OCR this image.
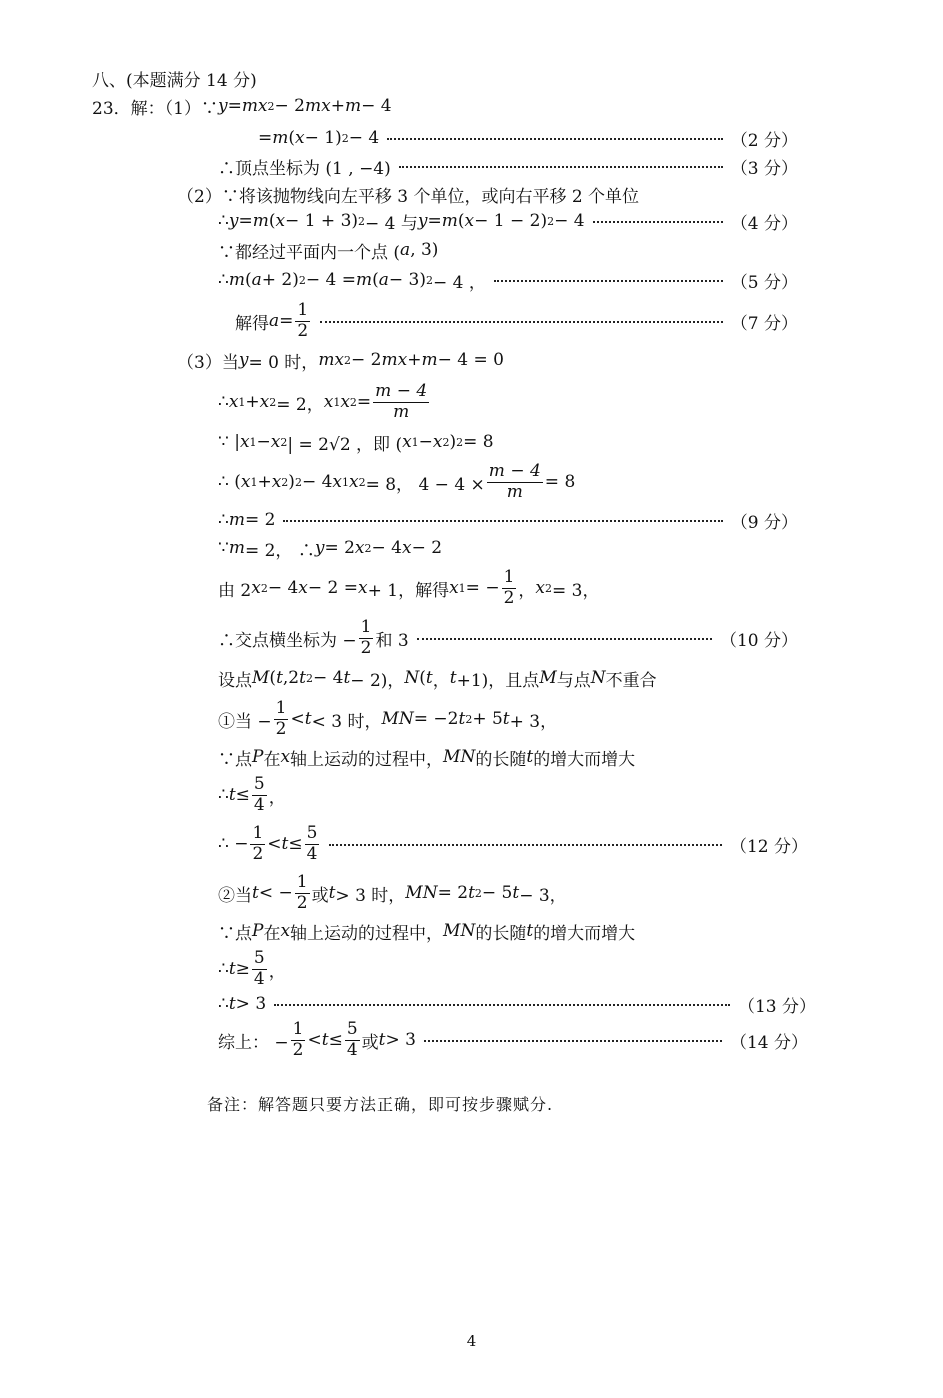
八、(本题满分 14 分)
23．解：（1）∵ y = mx 2 − 2 mx + m − 4
= m ( x − 1) 2 − 4	（2 分）
∴顶点坐标为 (1 , −4)	（3 分）
（2）∵将该抛物线向左平移 3 个单位，或向右平移 2 个单位
∴ y = m ( x − 1 + 3) 2 − 4 与 y = m ( x − 1 − 2) 2 − 4	（4 分）
∵都经过平面内一个点 ( a , 3)
∴ m ( a + 2) 2 − 4 = m ( a − 3) 2 − 4 ，	（5 分）
解得 $a = \frac{1}{2}$	（7 分）
（3）当 y = 0 时， mx 2 − 2 mx + m − 4 = 0
∴ x 1 + x 2 = 2， x 1 x $2 = \frac{m - 4}{m}$
∵ | x 1 − x 2 | = 2√2 ，即 ( x 1 − x 2 ) 2 = 8
∴ ( x 1 + x 2 ) 2 − 4 x 1 x 2 = 8， $4 - 4 \times \frac{m - 4}{m} = 8$
∴ m = 2	（9 分）
∵ m = 2， ∴ y = 2 x 2 − 4 x − 2
由 2 x 2 − 4 x − 2 = x + 1，解得 x 1 = − $\frac{1}{2}$ ， x 2 = 3，
∴交点横坐标为 − $\frac{1}{2}$ 和 3	（10 分）
设点 M ( t ,2 t 2 − 4 t − 2)， N ( t ， t +1)，且点 M 与点 N 不重合
①当 − $\frac{1}{2} < t < 3$ 时， MN = −2 t 2 + 5 t + 3，
∵点 P 在 x 轴上运动的过程中， MN 的长随 t 的增大而增大
∴ $t \le \frac{5}{4}$ ，
∴ − $\frac{1}{2} < t \le \frac{5}{4}$	（12 分）
②当 t < − $\frac{1}{2}$ 或 t > 3 时， MN = 2 t 2 − 5 t − 3，
∵点 P 在 x 轴上运动的过程中， MN 的长随 t 的增大而增大
∴ $t \ge \frac{5}{4}$ ，
∴ t > 3	（13 分）
综上： − $\frac{1}{2} < t \le \frac{5}{4}$ 或 t > 3	（14 分）
备注：解答题只要方法正确，即可按步骤赋分.
4
